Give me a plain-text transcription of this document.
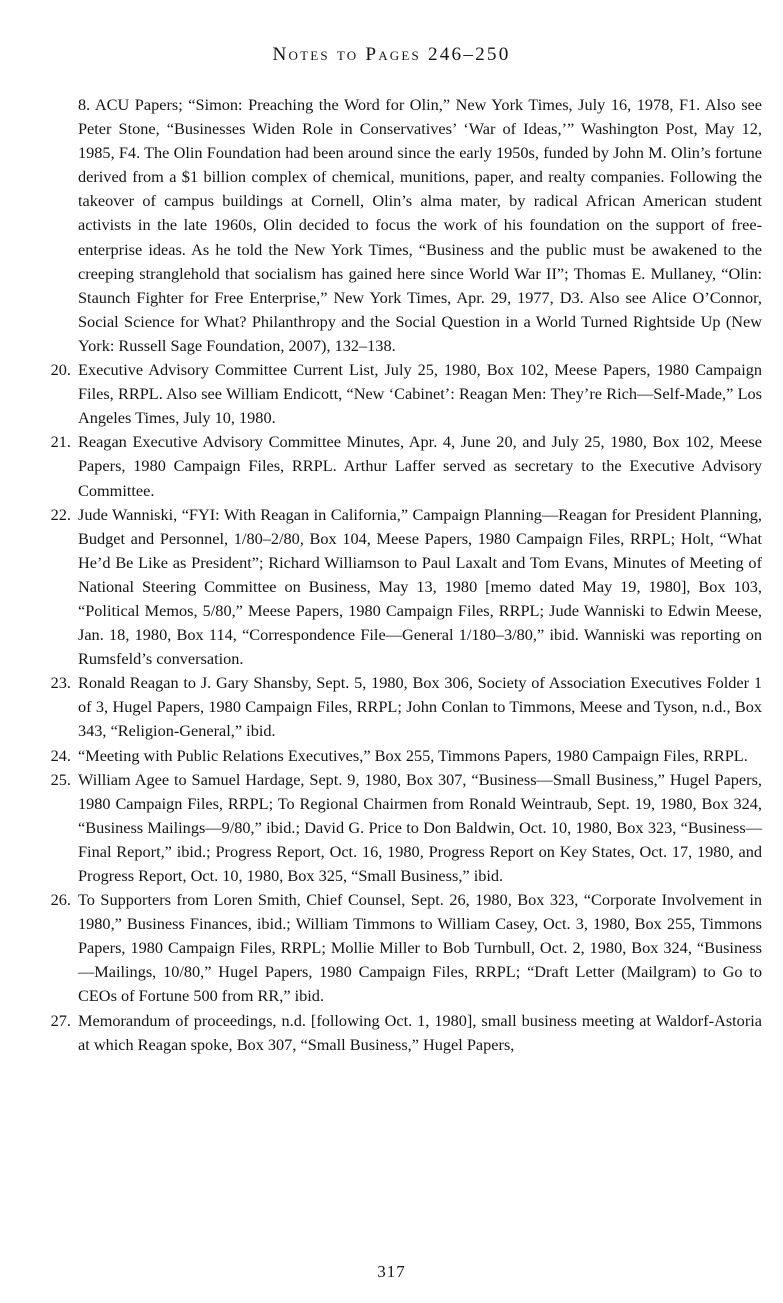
Notes to Pages 246–250
8. ACU Papers; “Simon: Preaching the Word for Olin,” New York Times, July 16, 1978, F1. Also see Peter Stone, “Businesses Widen Role in Conservatives’ ‘War of Ideas,’” Washington Post, May 12, 1985, F4. The Olin Foundation had been around since the early 1950s, funded by John M. Olin’s fortune derived from a $1 billion complex of chemical, munitions, paper, and realty companies. Following the takeover of campus buildings at Cornell, Olin’s alma mater, by radical African American student activists in the late 1960s, Olin decided to focus the work of his foundation on the support of free-enterprise ideas. As he told the New York Times, “Business and the public must be awakened to the creeping stranglehold that socialism has gained here since World War II”; Thomas E. Mullaney, “Olin: Staunch Fighter for Free Enterprise,” New York Times, Apr. 29, 1977, D3. Also see Alice O’Connor, Social Science for What? Philanthropy and the Social Question in a World Turned Rightside Up (New York: Russell Sage Foundation, 2007), 132–138.
20. Executive Advisory Committee Current List, July 25, 1980, Box 102, Meese Papers, 1980 Campaign Files, RRPL. Also see William Endicott, “New ‘Cabinet’: Reagan Men: They’re Rich—Self-Made,” Los Angeles Times, July 10, 1980.
21. Reagan Executive Advisory Committee Minutes, Apr. 4, June 20, and July 25, 1980, Box 102, Meese Papers, 1980 Campaign Files, RRPL. Arthur Laffer served as secretary to the Executive Advisory Committee.
22. Jude Wanniski, “FYI: With Reagan in California,” Campaign Planning—Reagan for President Planning, Budget and Personnel, 1/80–2/80, Box 104, Meese Papers, 1980 Campaign Files, RRPL; Holt, “What He’d Be Like as President”; Richard Williamson to Paul Laxalt and Tom Evans, Minutes of Meeting of National Steering Committee on Business, May 13, 1980 [memo dated May 19, 1980], Box 103, “Political Memos, 5/80,” Meese Papers, 1980 Campaign Files, RRPL; Jude Wanniski to Edwin Meese, Jan. 18, 1980, Box 114, “Correspondence File—General 1/180–3/80,” ibid. Wanniski was reporting on Rumsfeld’s conversation.
23. Ronald Reagan to J. Gary Shansby, Sept. 5, 1980, Box 306, Society of Association Executives Folder 1 of 3, Hugel Papers, 1980 Campaign Files, RRPL; John Conlan to Timmons, Meese and Tyson, n.d., Box 343, “Religion-General,” ibid.
24. “Meeting with Public Relations Executives,” Box 255, Timmons Papers, 1980 Campaign Files, RRPL.
25. William Agee to Samuel Hardage, Sept. 9, 1980, Box 307, “Business—Small Business,” Hugel Papers, 1980 Campaign Files, RRPL; To Regional Chairmen from Ronald Weintraub, Sept. 19, 1980, Box 324, “Business Mailings—9/80,” ibid.; David G. Price to Don Baldwin, Oct. 10, 1980, Box 323, “Business—Final Report,” ibid.; Progress Report, Oct. 16, 1980, Progress Report on Key States, Oct. 17, 1980, and Progress Report, Oct. 10, 1980, Box 325, “Small Business,” ibid.
26. To Supporters from Loren Smith, Chief Counsel, Sept. 26, 1980, Box 323, “Corporate Involvement in 1980,” Business Finances, ibid.; William Timmons to William Casey, Oct. 3, 1980, Box 255, Timmons Papers, 1980 Campaign Files, RRPL; Mollie Miller to Bob Turnbull, Oct. 2, 1980, Box 324, “Business—Mailings, 10/80,” Hugel Papers, 1980 Campaign Files, RRPL; “Draft Letter (Mailgram) to Go to CEOs of Fortune 500 from RR,” ibid.
27. Memorandum of proceedings, n.d. [following Oct. 1, 1980], small business meeting at Waldorf-Astoria at which Reagan spoke, Box 307, “Small Business,” Hugel Papers,
317
